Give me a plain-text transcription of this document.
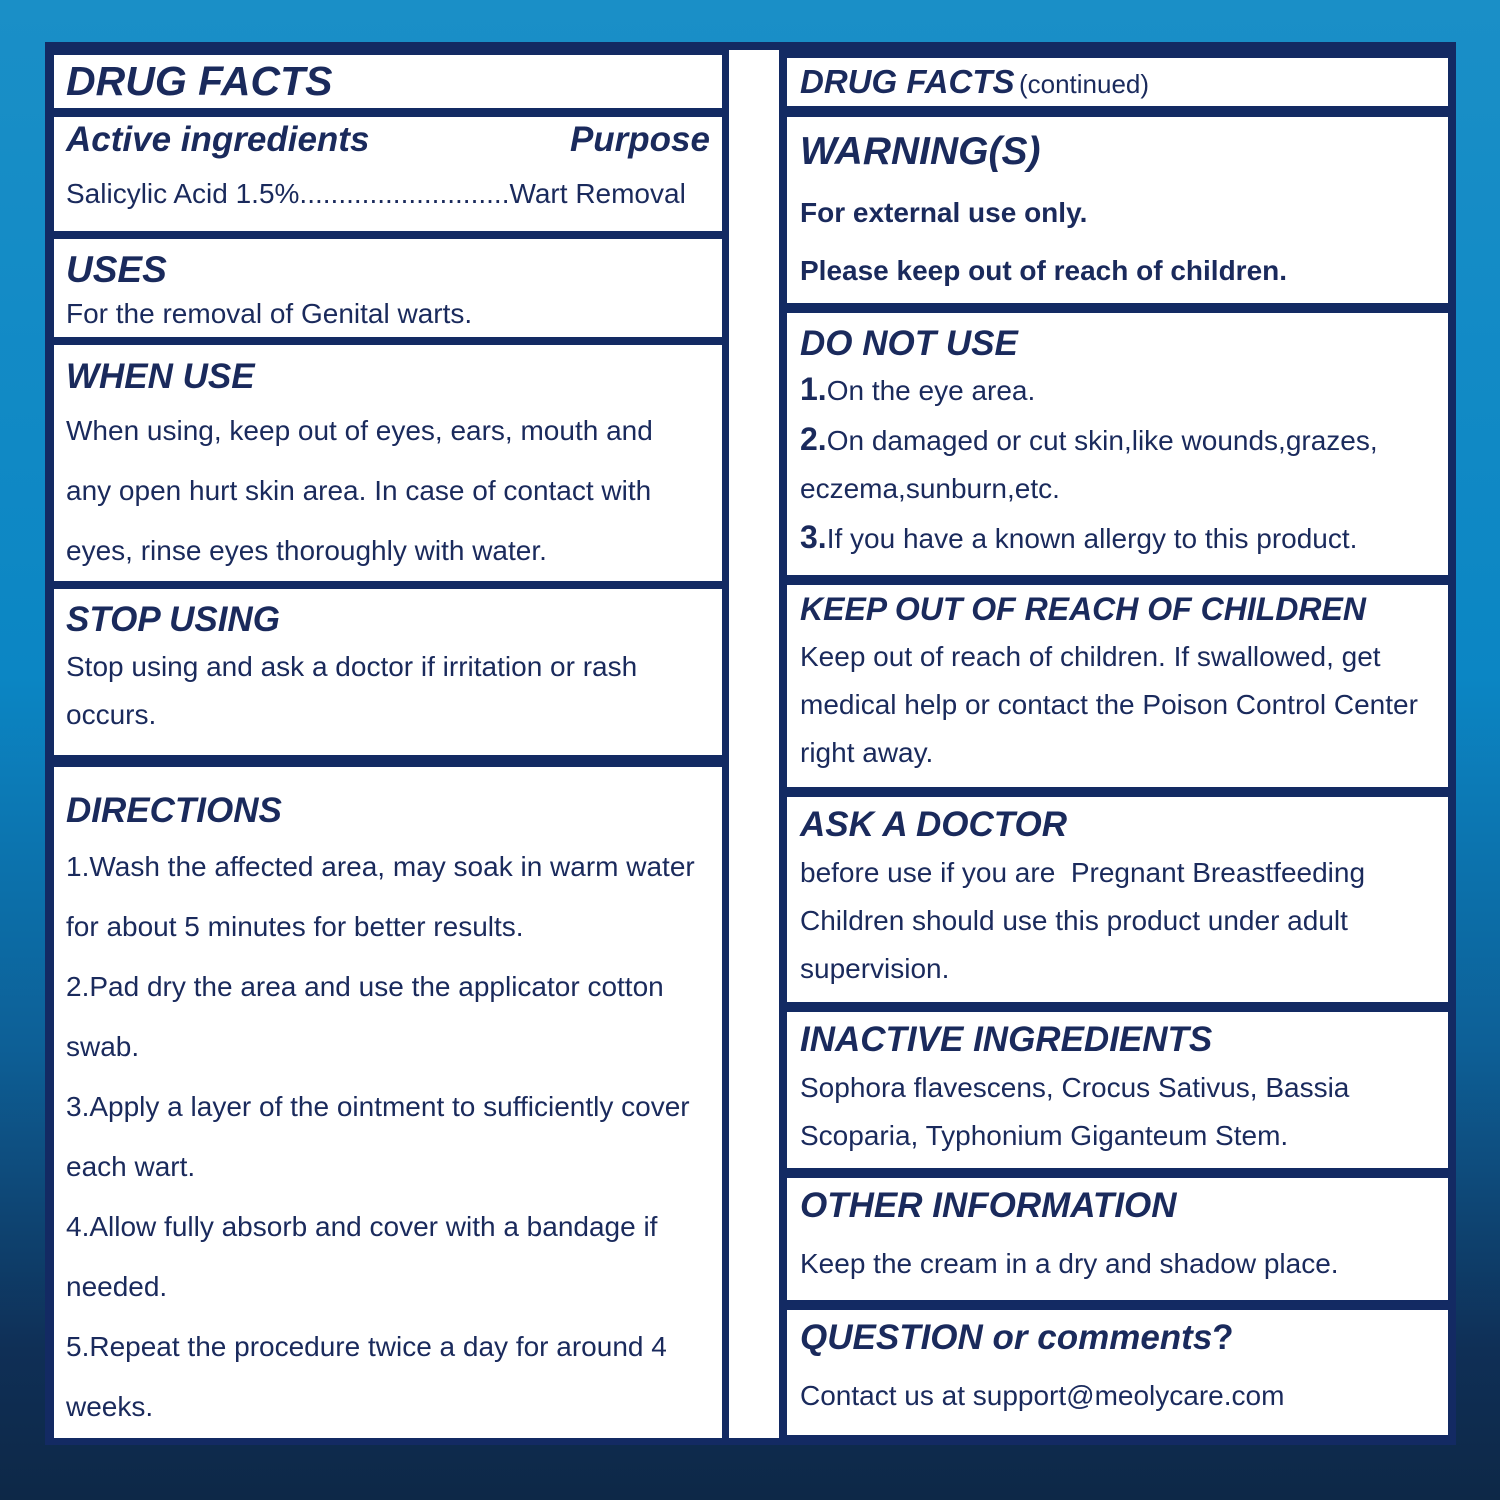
DRUG FACTS
Active ingredients	Purpose
Salicylic Acid 1.5%...........................Wart Removal
USES
For the removal of Genital warts.
WHEN USE
When using, keep out of eyes, ears, mouth and any open hurt skin area. In case of contact with eyes, rinse eyes thoroughly with water.
STOP USING
Stop using and ask a doctor if irritation or rash occurs.
DIRECTIONS
1.Wash the affected area, may soak in warm water for about 5 minutes for better results.
2.Pad dry the area and use the applicator cotton swab.
3.Apply a layer of the ointment to sufficiently cover each wart.
4.Allow fully absorb and cover with a bandage if needed.
5.Repeat the procedure twice a day for around 4 weeks.
DRUG FACTS (continued)
WARNING(S)
For external use only.
Please keep out of reach of children.
DO NOT USE
1.On the eye area.
2.On damaged or cut skin,like wounds,grazes, eczema,sunburn,etc.
3.If you have a known allergy to this product.
KEEP OUT OF REACH OF CHILDREN
Keep out of reach of children. If swallowed, get medical help or contact the Poison Control Center right away.
ASK A DOCTOR
before use if you are  Pregnant Breastfeeding Children should use this product under adult supervision.
INACTIVE INGREDIENTS
Sophora flavescens, Crocus Sativus, Bassia Scoparia, Typhonium Giganteum Stem.
OTHER INFORMATION
Keep the cream in a dry and shadow place.
QUESTION or comments?
Contact us at support@meolycare.com
